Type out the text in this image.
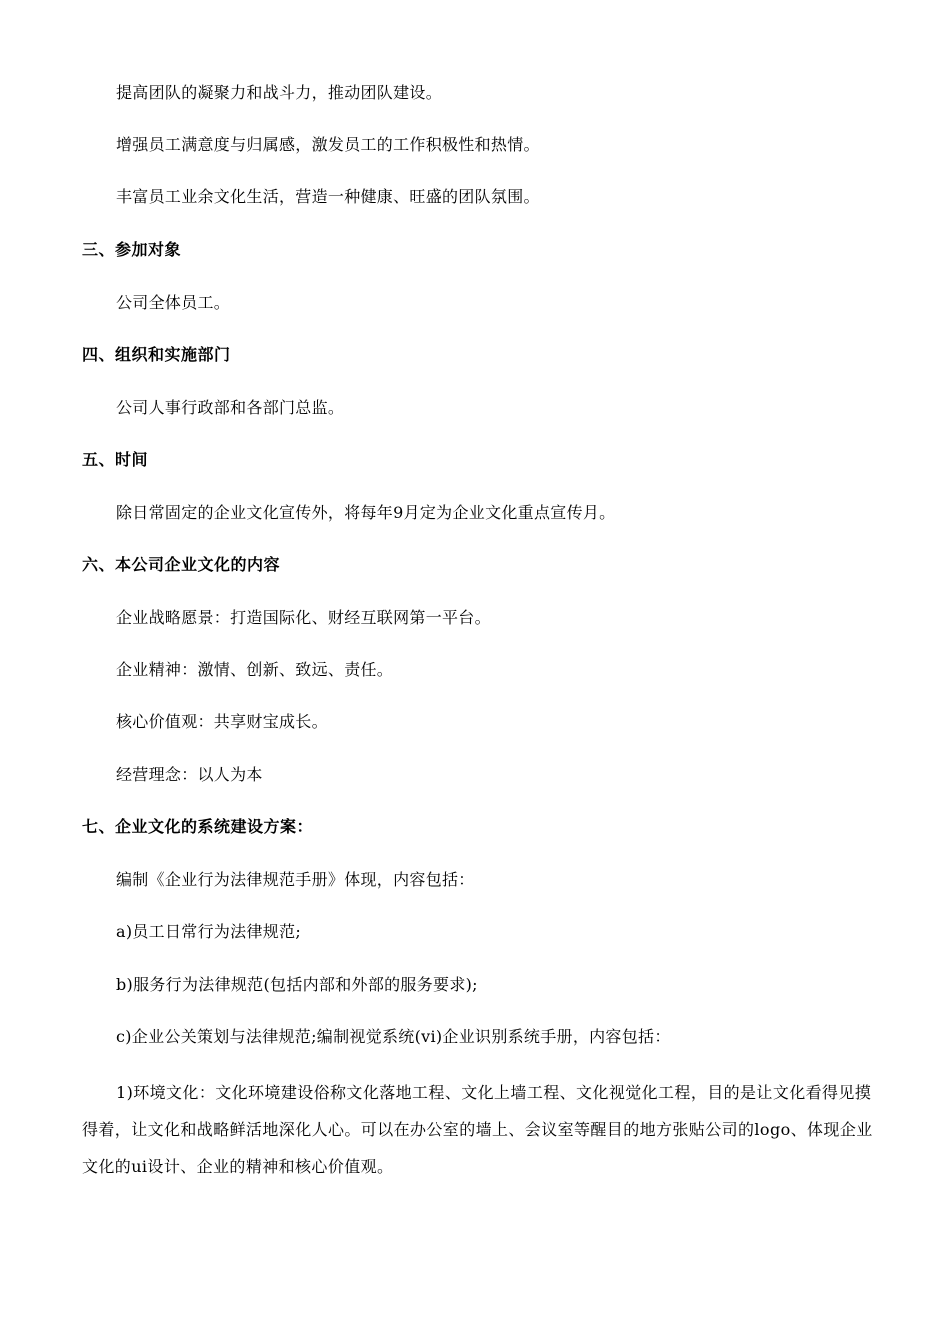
提高团队的凝聚力和战斗力，推动团队建设。
增强员工满意度与归属感，激发员工的工作积极性和热情。
丰富员工业余文化生活，营造一种健康、旺盛的团队氛围。
三、参加对象
公司全体员工。
四、组织和实施部门
公司人事行政部和各部门总监。
五、时间
除日常固定的企业文化宣传外，将每年9月定为企业文化重点宣传月。
六、本公司企业文化的内容
企业战略愿景：打造国际化、财经互联网第一平台。
企业精神：激情、创新、致远、责任。
核心价值观：共享财宝成长。
经营理念：以人为本
七、企业文化的系统建设方案：
编制《企业行为法律规范手册》体现，内容包括：
a)员工日常行为法律规范;
b)服务行为法律规范(包括内部和外部的服务要求);
c)企业公关策划与法律规范;编制视觉系统(vi)企业识别系统手册，内容包括：
1)环境文化：文化环境建设俗称文化落地工程、文化上墙工程、文化视觉化工程，目的是让文化看得见摸得着，让文化和战略鲜活地深化人心。可以在办公室的墙上、会议室等醒目的地方张贴公司的logo、体现企业文化的ui设计、企业的精神和核心价值观。
